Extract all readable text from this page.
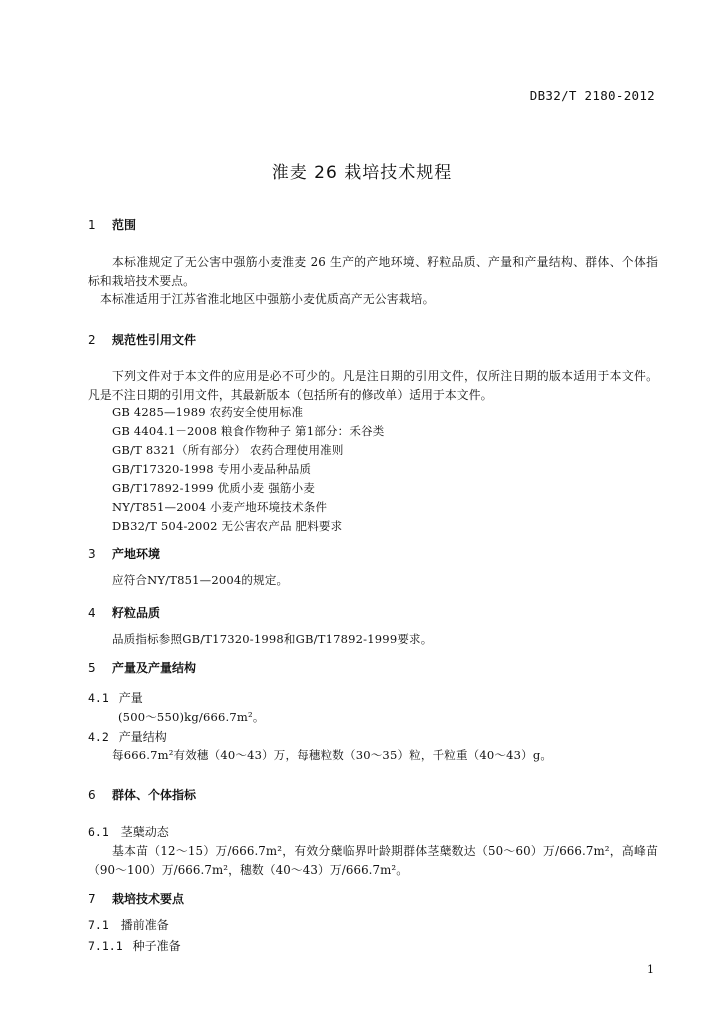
DB32/T 2180-2012
淮麦 26 栽培技术规程
1 范围
本标准规定了无公害中强筋小麦淮麦 26 生产的产地环境、籽粒品质、产量和产量结构、群体、个体指标和栽培技术要点。
本标准适用于江苏省淮北地区中强筋小麦优质高产无公害栽培。
2 规范性引用文件
下列文件对于本文件的应用是必不可少的。凡是注日期的引用文件，仅所注日期的版本适用于本文件。凡是不注日期的引用文件，其最新版本（包括所有的修改单）适用于本文件。
GB 4285—1989 农药安全使用标准
GB 4404.1－2008 粮食作物种子 第1部分：禾谷类
GB/T 8321（所有部分） 农药合理使用准则
GB/T17320-1998 专用小麦品种品质
GB/T17892-1999 优质小麦 强筋小麦
NY/T851—2004 小麦产地环境技术条件
DB32/T 504-2002 无公害农产品 肥料要求
3 产地环境
应符合NY/T851—2004的规定。
4 籽粒品质
品质指标参照GB/T17320-1998和GB/T17892-1999要求。
5 产量及产量结构
4.1 产量
(500～550)kg/666.7m²。
4.2 产量结构
每666.7m²有效穗（40～43）万，每穗粒数（30～35）粒，千粒重（40～43）g。
6 群体、个体指标
6.1 茎蘖动态
基本苗（12～15）万/666.7m²，有效分蘖临界叶龄期群体茎蘖数达（50～60）万/666.7m²，高峰苗（90～100）万/666.7m²，穗数（40～43）万/666.7m²。
7 栽培技术要点
7.1 播前准备
7.1.1 种子准备
1
